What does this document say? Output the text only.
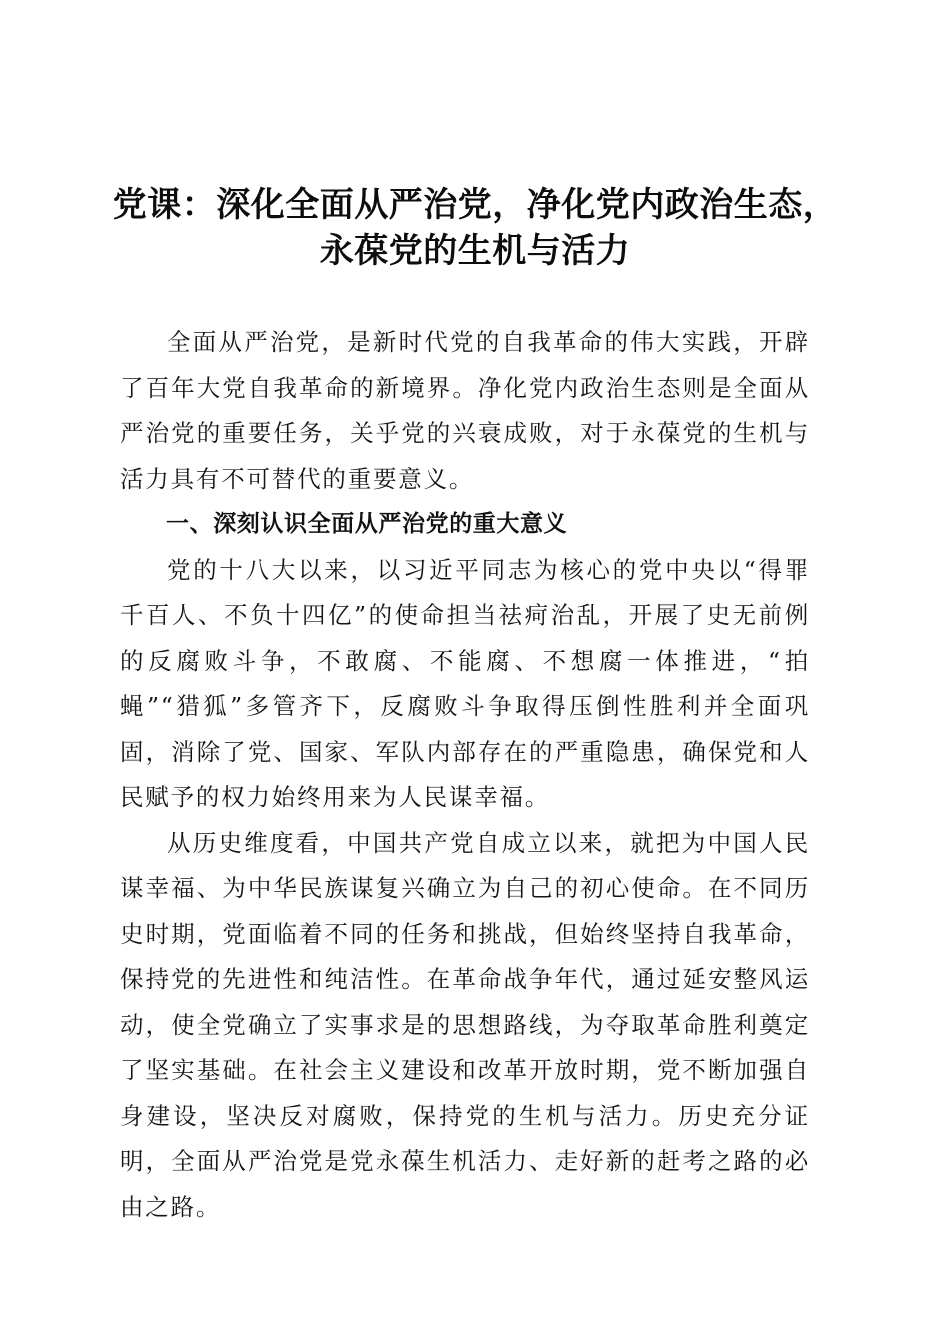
党课：深化全面从严治党，净化党内政治生态，
永葆党的生机与活力

全面从严治党，是新时代党的自我革命的伟大实践，开辟了百年大党自我革命的新境界。净化党内政治生态则是全面从严治党的重要任务，关乎党的兴衰成败，对于永葆党的生机与活力具有不可替代的重要意义。

一、深刻认识全面从严治党的重大意义

党的十八大以来，以习近平同志为核心的党中央以“得罪千百人、不负十四亿”的使命担当祛疴治乱，开展了史无前例的反腐败斗争，不敢腐、不能腐、不想腐一体推进，“拍蝇”“猎狐”多管齐下，反腐败斗争取得压倒性胜利并全面巩固，消除了党、国家、军队内部存在的严重隐患，确保党和人民赋予的权力始终用来为人民谋幸福。

从历史维度看，中国共产党自成立以来，就把为中国人民谋幸福、为中华民族谋复兴确立为自己的初心使命。在不同历史时期，党面临着不同的任务和挑战，但始终坚持自我革命，保持党的先进性和纯洁性。在革命战争年代，通过延安整风运动，使全党确立了实事求是的思想路线，为夺取革命胜利奠定了坚实基础。在社会主义建设和改革开放时期，党不断加强自身建设，坚决反对腐败，保持党的生机与活力。历史充分证明，全面从严治党是党永葆生机活力、走好新的赶考之路的必由之路。
